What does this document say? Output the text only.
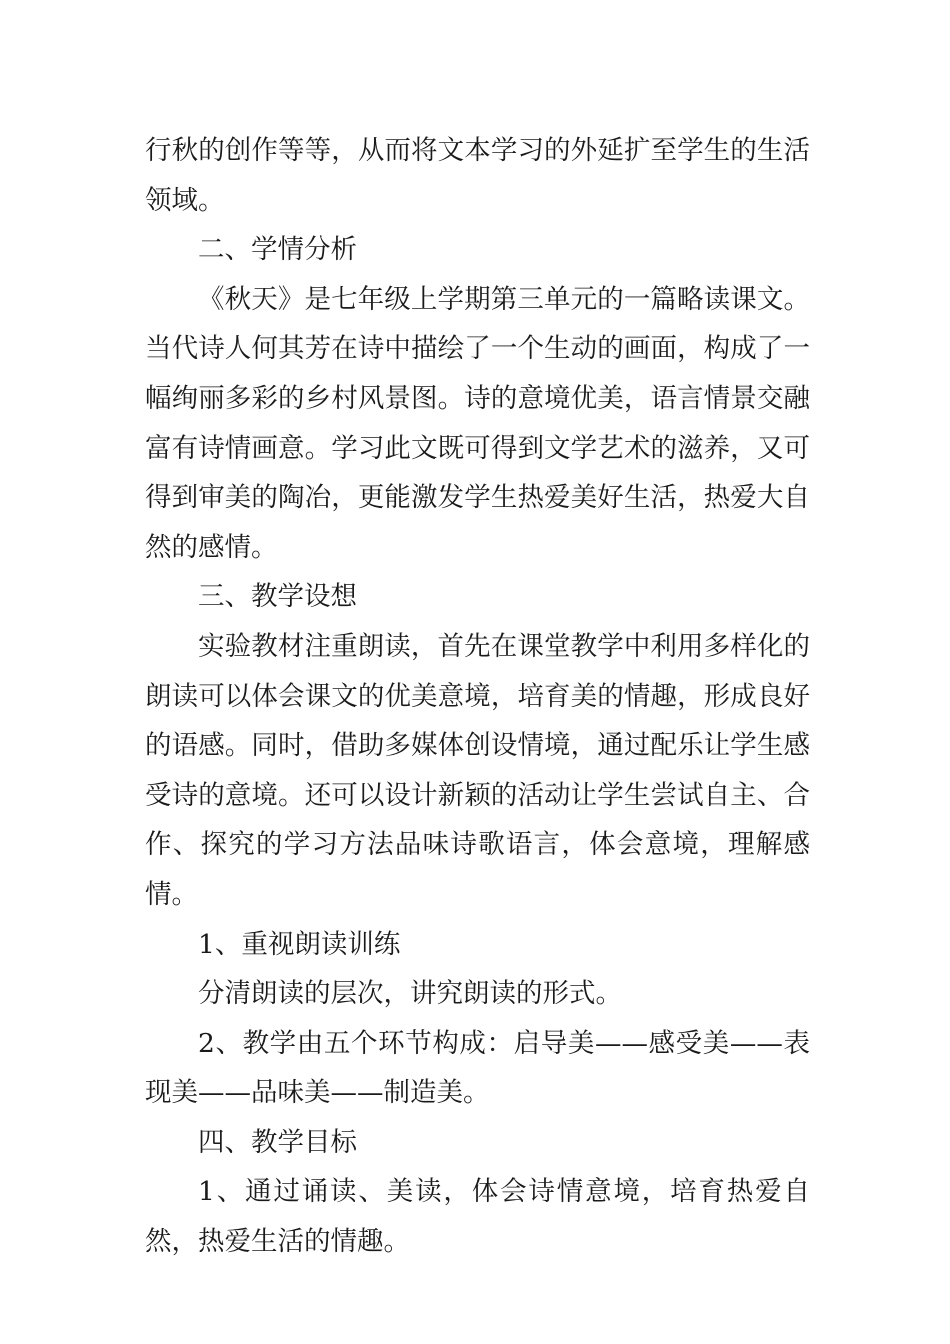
行秋的创作等等，从而将文本学习的外延扩至学生的生活领域。

二、学情分析

《秋天》是七年级上学期第三单元的一篇略读课文。当代诗人何其芳在诗中描绘了一个生动的画面，构成了一幅绚丽多彩的乡村风景图。诗的意境优美，语言情景交融富有诗情画意。学习此文既可得到文学艺术的滋养，又可得到审美的陶冶，更能激发学生热爱美好生活，热爱大自然的感情。

三、教学设想

实验教材注重朗读，首先在课堂教学中利用多样化的朗读可以体会课文的优美意境，培育美的情趣，形成良好的语感。同时，借助多媒体创设情境，通过配乐让学生感受诗的意境。还可以设计新颖的活动让学生尝试自主、合作、探究的学习方法品味诗歌语言，体会意境，理解感情。

1、重视朗读训练

分清朗读的层次，讲究朗读的形式。

2、教学由五个环节构成：启导美——感受美——表现美——品味美——制造美。

四、教学目标

1、通过诵读、美读，体会诗情意境，培育热爱自然，热爱生活的情趣。
